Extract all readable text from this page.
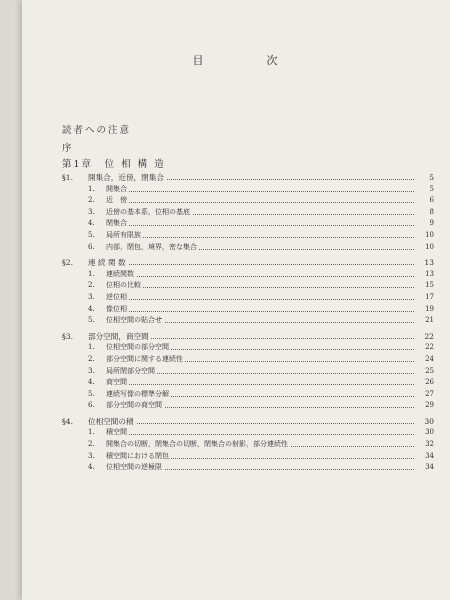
目　次
読者への注意
序
第1章　位 相 構 造
§1. 開集合，近傍，閉集合	5
1. 開集合	5
2. 近　傍	6
3. 近傍の基本系，位相の基底	8
4. 閉集合	9
5. 局所有限族	10
6. 内部，閉包，境界，密な集合	10
§2. 連 続 関 数	13
1. 連続関数	13
2. 位相の比較	15
3. 逆位相	17
4. 像位相	19
5. 位相空間の貼合せ	21
§3. 部分空間，商空間	22
1. 位相空間の部分空間	22
2. 部分空間に関する連続性	24
3. 局所閉部分空間	25
4. 商空間	26
5. 連続写像の標準分解	27
6. 部分空間の商空間	29
§4. 位相空間の積	30
1. 積空間	30
2. 開集合の切断，閉集合の切断，閉集合の射影，部分連続性	32
3. 積空間における閉包	34
4. 位相空間の逆極限	34
